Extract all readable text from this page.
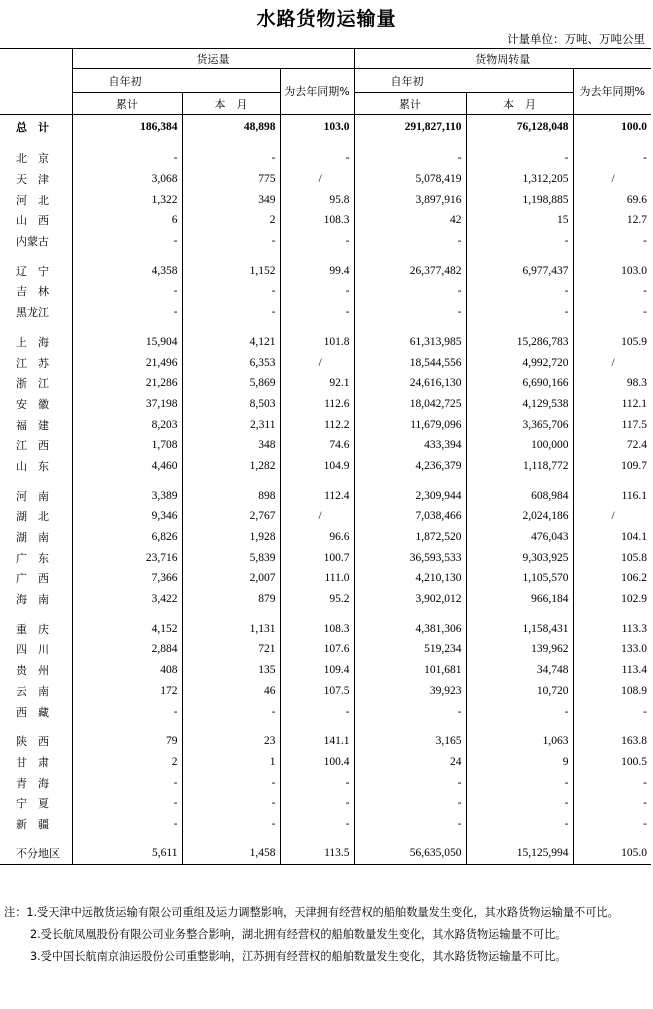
水路货物运输量
计量单位：万吨、万吨公里
	货运量			货物周转量		
	自年初		为去年同期%	自年初		为去年同期%
	累计	本　月		累计	本　月	
总　计	186,384	48,898	103.0	291,827,110	76,128,048	100.0

北　京	-	-	-	-	-	-
天　津	3,068	775	/	5,078,419	1,312,205	/
河　北	1,322	349	95.8	3,897,916	1,198,885	69.6
山　西	6	2	108.3	42	15	12.7
内蒙古	-	-	-	-	-	-

辽　宁	4,358	1,152	99.4	26,377,482	6,977,437	103.0
吉　林	-	-	-	-	-	-
黑龙江	-	-	-	-	-	-

上　海	15,904	4,121	101.8	61,313,985	15,286,783	105.9
江　苏	21,496	6,353	/	18,544,556	4,992,720	/
浙　江	21,286	5,869	92.1	24,616,130	6,690,166	98.3
安　徽	37,198	8,503	112.6	18,042,725	4,129,538	112.1
福　建	8,203	2,311	112.2	11,679,096	3,365,706	117.5
江　西	1,708	348	74.6	433,394	100,000	72.4
山　东	4,460	1,282	104.9	4,236,379	1,118,772	109.7

河　南	3,389	898	112.4	2,309,944	608,984	116.1
湖　北	9,346	2,767	/	7,038,466	2,024,186	/
湖　南	6,826	1,928	96.6	1,872,520	476,043	104.1
广　东	23,716	5,839	100.7	36,593,533	9,303,925	105.8
广　西	7,366	2,007	111.0	4,210,130	1,105,570	106.2
海　南	3,422	879	95.2	3,902,012	966,184	102.9

重　庆	4,152	1,131	108.3	4,381,306	1,158,431	113.3
四　川	2,884	721	107.6	519,234	139,962	133.0
贵　州	408	135	109.4	101,681	34,748	113.4
云　南	172	46	107.5	39,923	10,720	108.9
西　藏	-	-	-	-	-	-

陕　西	79	23	141.1	3,165	1,063	163.8
甘　肃	2	1	100.4	24	9	100.5
青　海	-	-	-	-	-	-
宁　夏	-	-	-	-	-	-
新　疆	-	-	-	-	-	-

不分地区	5,611	1,458	113.5	56,635,050	15,125,994	105.0

注：1.受天津中远散货运输有限公司重组及运力调整影响，天津拥有经营权的船舶数量发生变化，其水路货物运输量不可比。

2.受长航凤凰股份有限公司业务整合影响，湖北拥有经营权的船舶数量发生变化，其水路货物运输量不可比。

3.受中国长航南京油运股份公司重整影响，江苏拥有经营权的船舶数量发生变化，其水路货物运输量不可比。
